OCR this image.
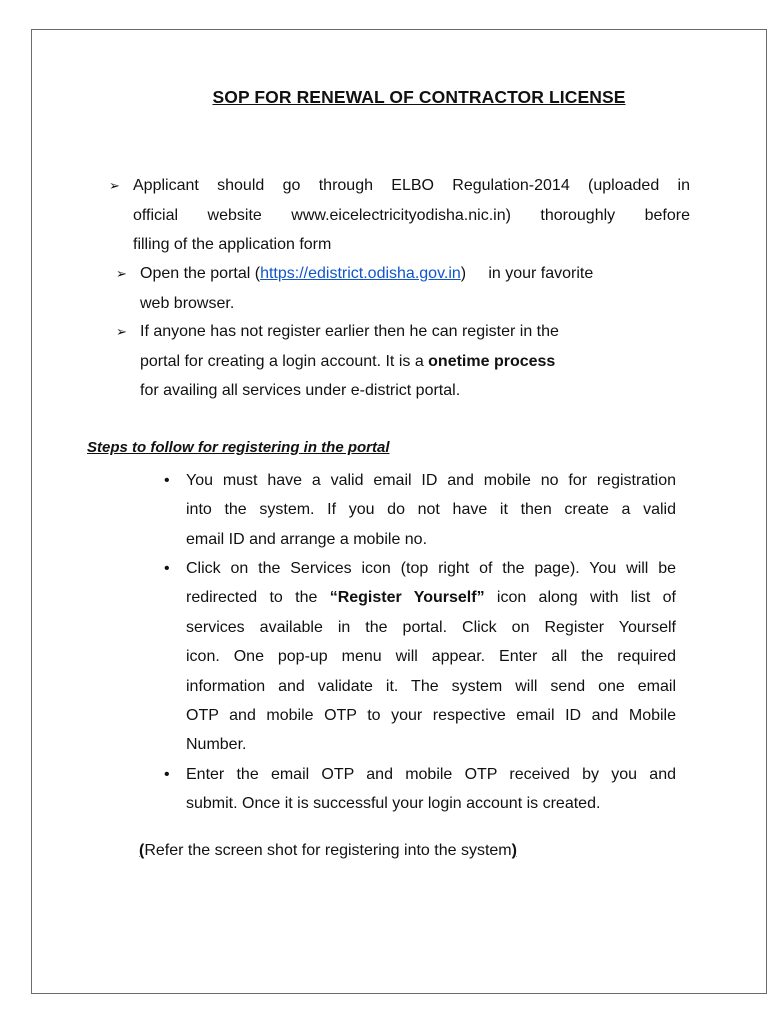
SOP FOR RENEWAL OF CONTRACTOR LICENSE
➢ Applicant should go through ELBO Regulation-2014 (uploaded in
official website www.eicelectricityodisha.nic.in) thoroughly before
filling of the application form
➢ Open the portal (https://edistrict.odisha.gov.in)     in your favorite
web browser.
➢ If anyone has not register earlier then he can register in the
portal for creating a login account. It is a onetime process
for availing all services under e-district portal.
Steps to follow for registering in the portal
• You must have a valid email ID and mobile no for registration
into the system. If you do not have it then create a valid
email ID and arrange a mobile no.
• Click on the Services icon (top right of the page). You will be
redirected to the “Register Yourself” icon along with list of
services available in the portal. Click on Register Yourself
icon. One pop-up menu will appear. Enter all the required
information and validate it. The system will send one email
OTP and mobile OTP to your respective email ID and Mobile
Number.
• Enter the email OTP and mobile OTP received by you and
submit. Once it is successful your login account is created.
(Refer the screen shot for registering into the system)
